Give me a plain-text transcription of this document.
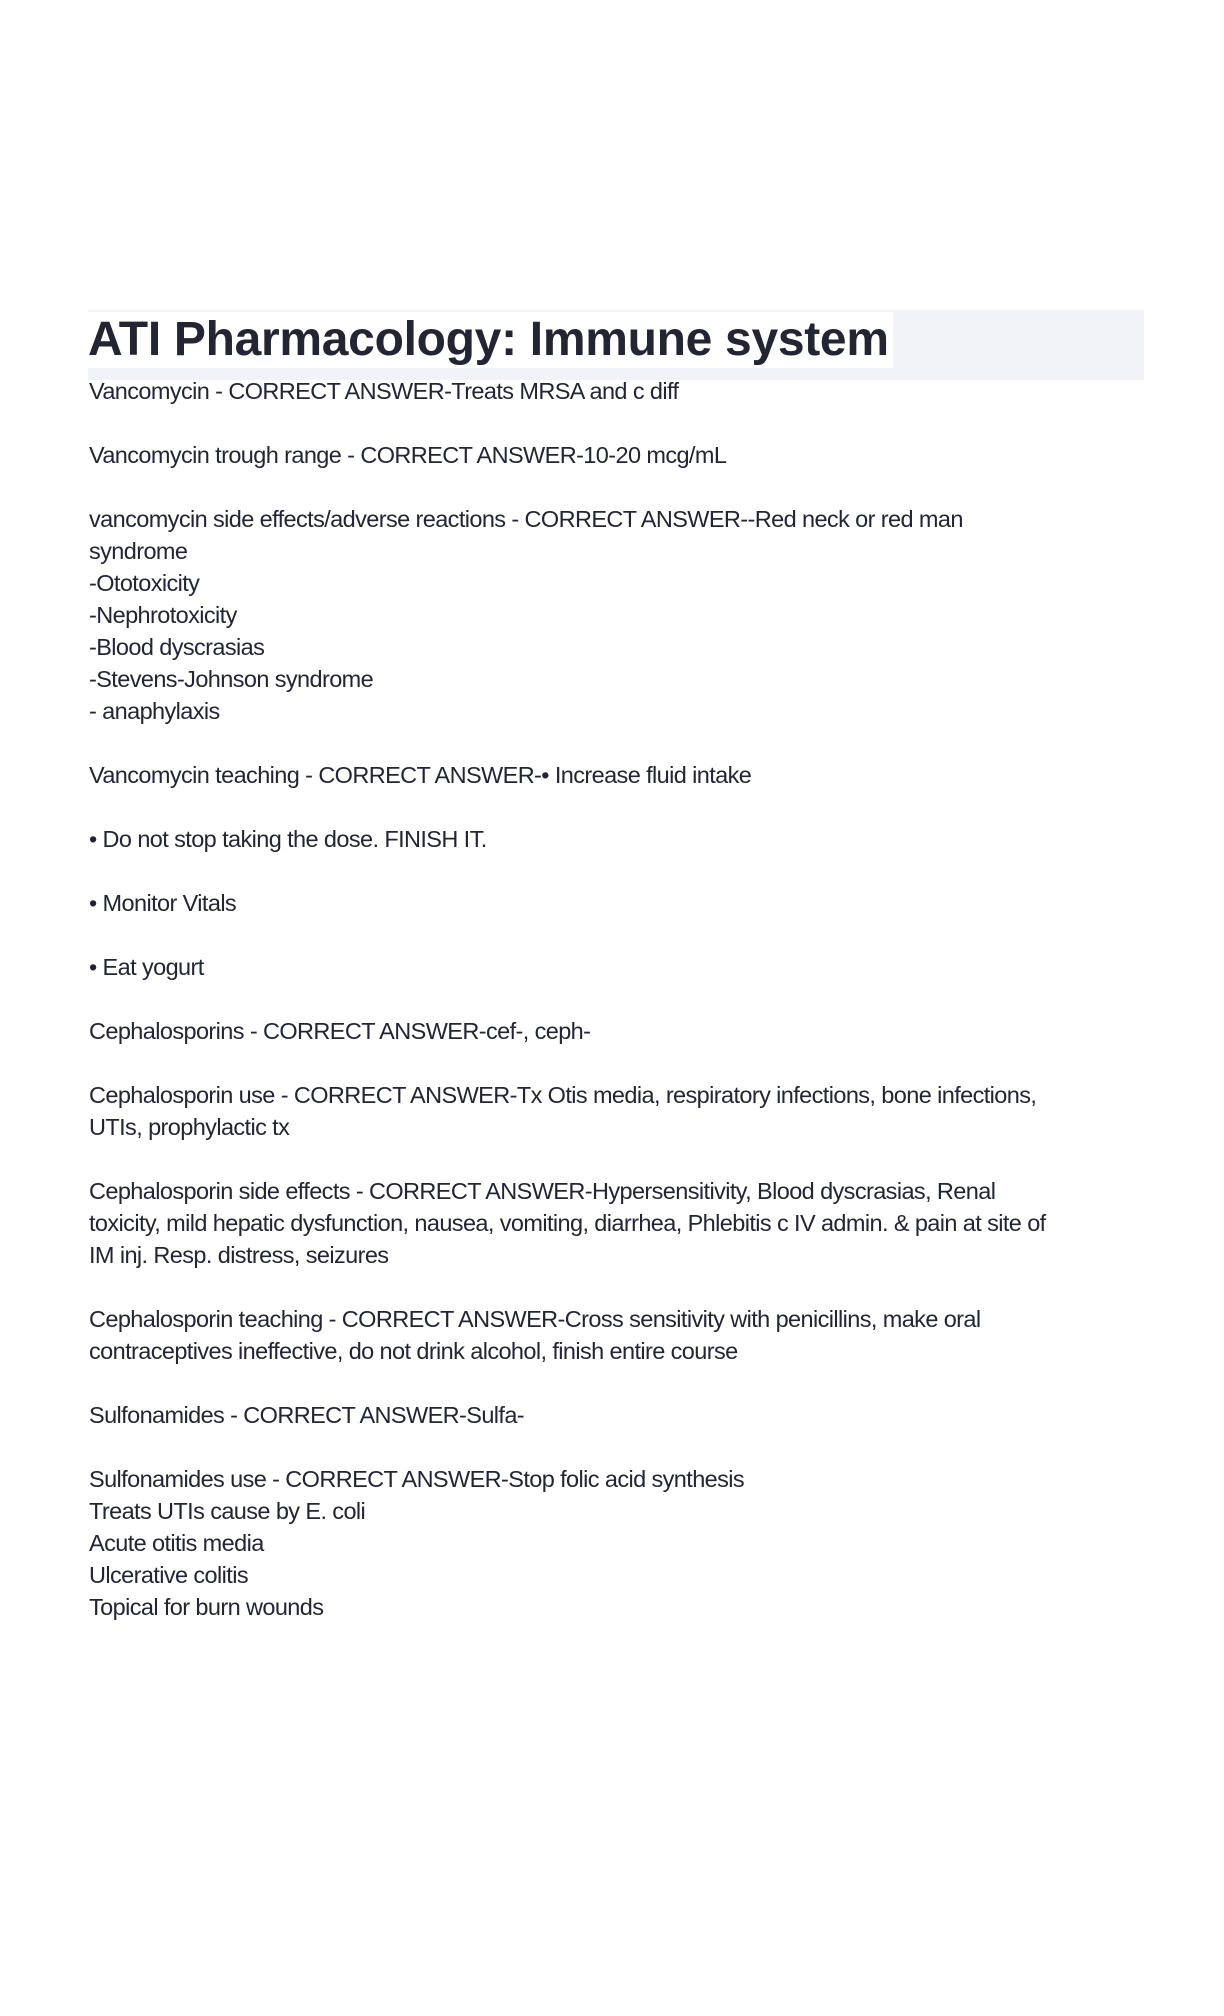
ATI Pharmacology: Immune system
Vancomycin - CORRECT ANSWER-Treats MRSA and c diff
Vancomycin trough range - CORRECT ANSWER-10-20 mcg/mL
vancomycin side effects/adverse reactions - CORRECT ANSWER--Red neck or red man
syndrome
-Ototoxicity
-Nephrotoxicity
-Blood dyscrasias
-Stevens-Johnson syndrome
- anaphylaxis
Vancomycin teaching - CORRECT ANSWER-• Increase fluid intake
• Do not stop taking the dose. FINISH IT.
• Monitor Vitals
• Eat yogurt
Cephalosporins - CORRECT ANSWER-cef-, ceph-
Cephalosporin use - CORRECT ANSWER-Tx Otis media, respiratory infections, bone infections,
UTIs, prophylactic tx
Cephalosporin side effects - CORRECT ANSWER-Hypersensitivity, Blood dyscrasias, Renal
toxicity, mild hepatic dysfunction, nausea, vomiting, diarrhea, Phlebitis c IV admin. & pain at site of
IM inj. Resp. distress, seizures
Cephalosporin teaching - CORRECT ANSWER-Cross sensitivity with penicillins, make oral
contraceptives ineffective, do not drink alcohol, finish entire course
Sulfonamides - CORRECT ANSWER-Sulfa-
Sulfonamides use - CORRECT ANSWER-Stop folic acid synthesis
Treats UTIs cause by E. coli
Acute otitis media
Ulcerative colitis
Topical for burn wounds
